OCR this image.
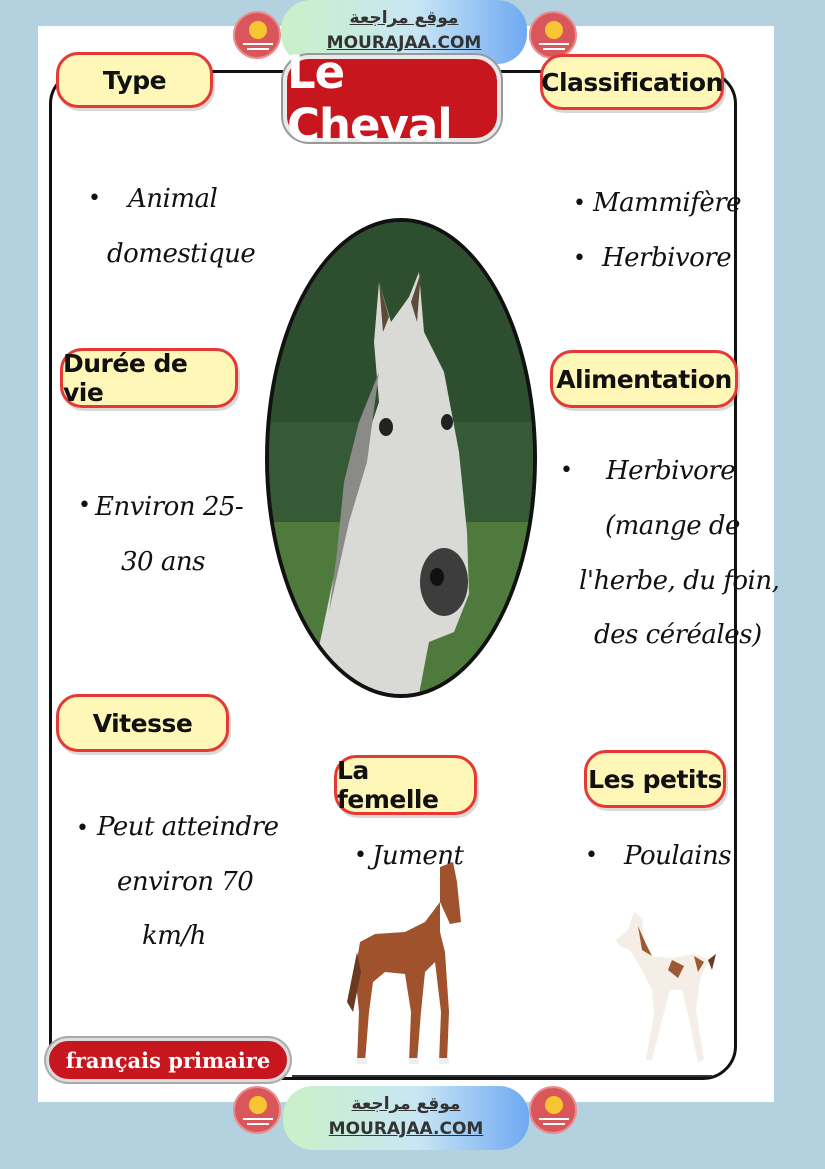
موقع مراجعة
MOURAJAA.COM
Le Cheval
Type
• Animal
domestique
Classification
• Mammifère
• Herbivore
Durée de vie
• Environ 25-
30 ans
Alimentation
• Herbivore
(mange de
l'herbe, du foin,
des céréales)
Vitesse
• Peut atteindre
environ 70
km/h
La femelle
• Jument
Les petits
• Poulains
français primaire
موقع مراجعة
MOURAJAA.COM
